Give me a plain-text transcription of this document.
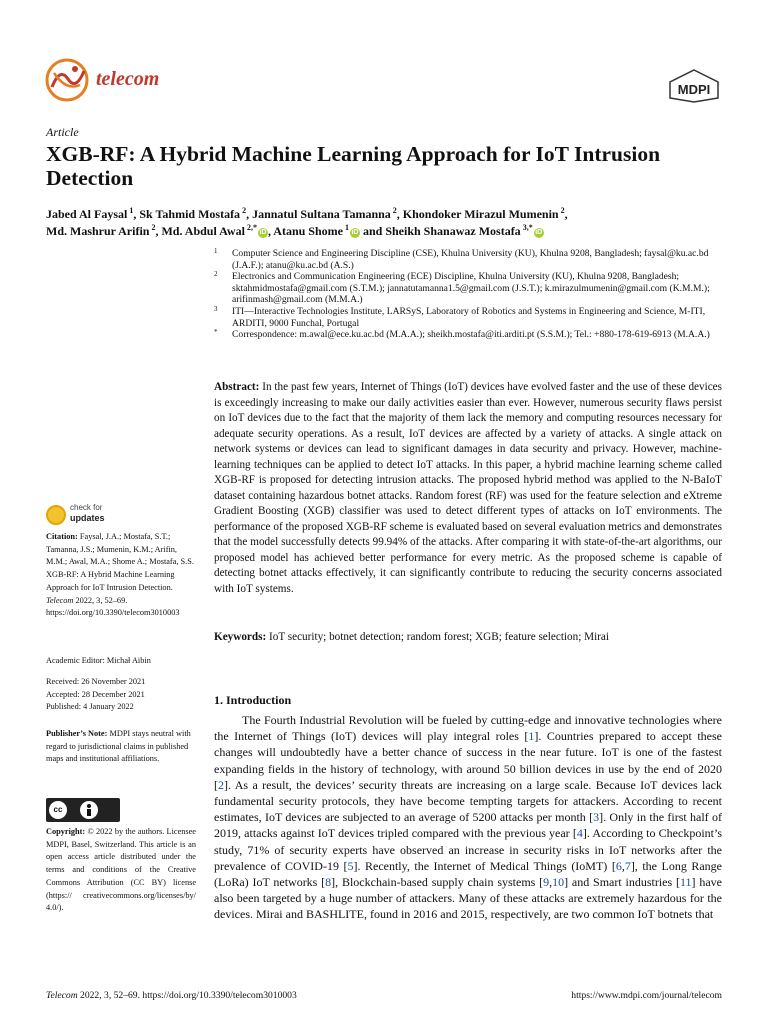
telecom	MDPI
Article
XGB-RF: A Hybrid Machine Learning Approach for IoT Intrusion Detection
Jabed Al Faysal $^1$, Sk Tahmid Mostafa $^2$, Jannatul Sultana Tamanna $^2$, Khondoker Mirazul Mumenin $^2$,
Md. Mashrur Arifin $^2$, Md. Abdul Awal $^{2,*}$iD , Atanu Shome $^1$iD and Sheikh Shanawaz Mostafa $^{3,*}$iD
1 Computer Science and Engineering Discipline (CSE), Khulna University (KU), Khulna 9208, Bangladesh; faysal@ku.ac.bd (J.A.F.); atanu@ku.ac.bd (A.S.)
2 Electronics and Communication Engineering (ECE) Discipline, Khulna University (KU), Khulna 9208, Bangladesh; sktahmidmostafa@gmail.com (S.T.M.); jannatutamanna1.5@gmail.com (J.S.T.); k.mirazulmumenin@gmail.com (K.M.M.); arifinmash@gmail.com (M.M.A.)
3 ITI—Interactive Technologies Institute, LARSyS, Laboratory of Robotics and Systems in Engineering and Science, M-ITI, ARDITI, 9000 Funchal, Portugal
* Correspondence: m.awal@ece.ku.ac.bd (M.A.A.); sheikh.mostafa@iti.arditi.pt (S.S.M.); Tel.: +880-178-619-6913 (M.A.A.)
Abstract: In the past few years, Internet of Things (IoT) devices have evolved faster and the use of these devices is exceedingly increasing to make our daily activities easier than ever. However, numerous security flaws persist on IoT devices due to the fact that the majority of them lack the memory and computing resources necessary for adequate security operations. As a result, IoT devices are affected by a variety of attacks. A single attack on network systems or devices can lead to significant damages in data security and privacy. However, machine-learning techniques can be applied to detect IoT attacks. In this paper, a hybrid machine learning scheme called XGB-RF is proposed for detecting intrusion attacks. The proposed hybrid method was applied to the N-BaIoT dataset containing hazardous botnet attacks. Random forest (RF) was used for the feature selection and eXtreme Gradient Boosting (XGB) classifier was used to detect different types of attacks on IoT environments. The performance of the proposed XGB-RF scheme is evaluated based on several evaluation metrics and demonstrates that the model successfully detects 99.94% of the attacks. After comparing it with state-of-the-art algorithms, our proposed model has achieved better performance for every metric. As the proposed scheme is capable of detecting botnet attacks effectively, it can significantly contribute to reducing the security concerns associated with IoT systems.
Keywords: IoT security; botnet detection; random forest; XGB; feature selection; Mirai
check for
updates
Citation: Faysal, J.A.; Mostafa, S.T.; Tamanna, J.S.; Mumenin, K.M.; Arifin, M.M.; Awal, M.A.; Shome A.; Mostafa, S.S. XGB-RF: A Hybrid Machine Learning Approach for IoT Intrusion Detection. Telecom 2022, 3, 52–69. https://doi.org/10.3390/telecom3010003
Academic Editor: Michał Aibin
Received: 26 November 2021
Accepted: 28 December 2021
Published: 4 January 2022
Publisher’s Note: MDPI stays neutral with regard to jurisdictional claims in published maps and institutional affiliations.
cc
Copyright: © 2022 by the authors. Licensee MDPI, Basel, Switzerland. This article is an open access article distributed under the terms and conditions of the Creative Commons Attribution (CC BY) license (https:// creativecommons.org/licenses/by/ 4.0/).
1. Introduction
The Fourth Industrial Revolution will be fueled by cutting-edge and innovative technologies where the Internet of Things (IoT) devices will play integral roles [1]. Countries prepared to accept these changes will undoubtedly have a better chance of success in the near future. IoT is one of the fastest expanding fields in the history of technology, with around 50 billion devices in use by the end of 2020 [2]. As a result, the devices’ security threats are increasing on a large scale. Because IoT devices lack fundamental security protocols, they have become tempting targets for attackers. According to recent estimates, IoT devices are subjected to an average of 5200 attacks per month [3]. Only in the first half of 2019, attacks against IoT devices tripled compared with the previous year [4]. According to Checkpoint’s study, 71% of security experts have observed an increase in security risks in IoT networks after the prevalence of COVID-19 [5]. Recently, the Internet of Medical Things (IoMT) [6,7], the Long Range (LoRa) IoT networks [8], Blockchain-based supply chain systems [9,10] and Smart industries [11] have also been targeted by a huge number of attackers. Many of these attacks are extremely hazardous for the devices. Mirai and BASHLITE, found in 2016 and 2015, respectively, are two common IoT botnets that
Telecom 2022, 3, 52–69. https://doi.org/10.3390/telecom3010003	https://www.mdpi.com/journal/telecom
